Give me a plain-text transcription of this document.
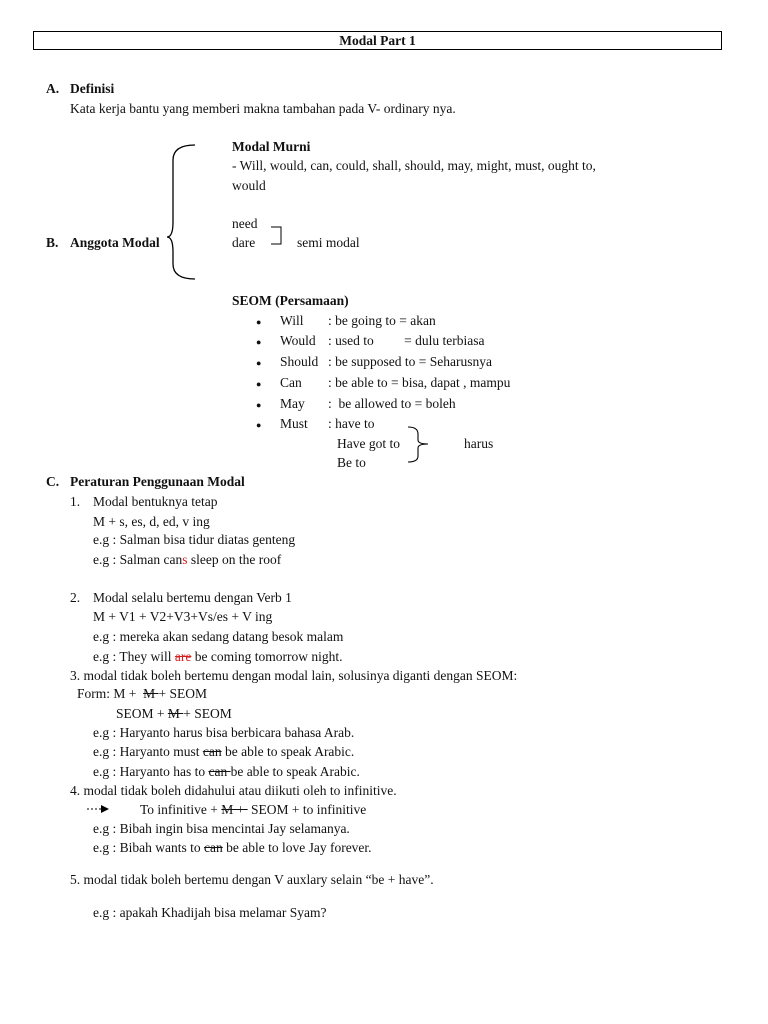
Modal Part 1
A. Definisi
Kata kerja bantu yang memberi makna tambahan pada V- ordinary nya.
B. Anggota Modal
Modal Murni
- Will, would, can, could, shall, should, may, might, must, ought to,
would
need
dare	semi modal
SEOM (Persamaan)
● Will : be going to = akan
● Would : used to         = dulu terbiasa
● Should : be supposed to = Seharusnya
● Can : be able to = bisa, dapat , mampu
● May :  be allowed to = boleh
● Must : have to
Have got to
Be to
harus
C. Peraturan Penggunaan Modal
1. Modal bentuknya tetap
M + s, es, d, ed, v ing
e.g : Salman bisa tidur diatas genteng
e.g : Salman cans sleep on the roof
2. Modal selalu bertemu dengan Verb 1
M + V1 + V2+V3+Vs/es + V ing
e.g : mereka akan sedang datang besok malam
e.g : They will are be coming tomorrow night.
3. modal tidak boleh bertemu dengan modal lain, solusinya diganti dengan SEOM:
Form: M +  M + SEOM
SEOM + M + SEOM
e.g : Haryanto harus bisa berbicara bahasa Arab.
e.g : Haryanto must can be able to speak Arabic.
e.g : Haryanto has to can be able to speak Arabic.
4. modal tidak boleh didahului atau diikuti oleh to infinitive.
To infinitive + M +  SEOM + to infinitive
e.g : Bibah ingin bisa mencintai Jay selamanya.
e.g : Bibah wants to can be able to love Jay forever.
5. modal tidak boleh bertemu dengan V auxlary selain “be + have”.
e.g : apakah Khadijah bisa melamar Syam?
